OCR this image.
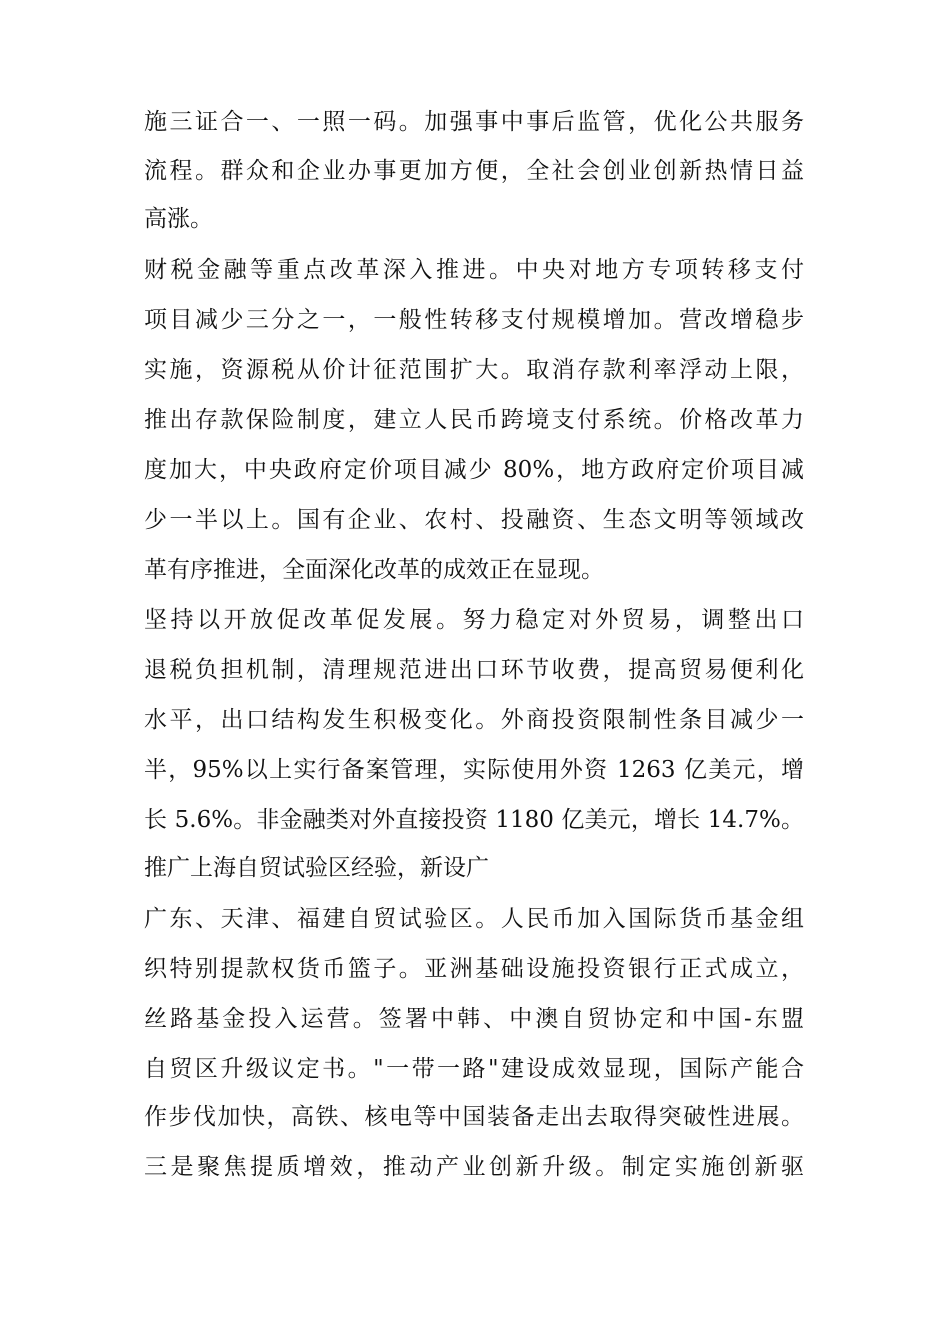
施三证合一、一照一码。加强事中事后监管，优化公共服务
流程。群众和企业办事更加方便，全社会创业创新热情日益
高涨。
财税金融等重点改革深入推进。中央对地方专项转移支付
项目减少三分之一，一般性转移支付规模增加。营改增稳步
实施，资源税从价计征范围扩大。取消存款利率浮动上限，
推出存款保险制度，建立人民币跨境支付系统。价格改革力
度加大，中央政府定价项目减少 80%，地方政府定价项目减
少一半以上。国有企业、农村、投融资、生态文明等领域改
革有序推进，全面深化改革的成效正在显现。
坚持以开放促改革促发展。努力稳定对外贸易，调整出口
退税负担机制，清理规范进出口环节收费，提高贸易便利化
水平，出口结构发生积极变化。外商投资限制性条目减少一
半，95%以上实行备案管理，实际使用外资 1263 亿美元，增
长 5.6%。非金融类对外直接投资 1180 亿美元，增长 14.7%。
推广上海自贸试验区经验，新设广
广东、天津、福建自贸试验区。人民币加入国际货币基金组
织特别提款权货币篮子。亚洲基础设施投资银行正式成立，
丝路基金投入运营。签署中韩、中澳自贸协定和中国-东盟
自贸区升级议定书。"一带一路"建设成效显现，国际产能合
作步伐加快，高铁、核电等中国装备走出去取得突破性进展。
三是聚焦提质增效，推动产业创新升级。制定实施创新驱
